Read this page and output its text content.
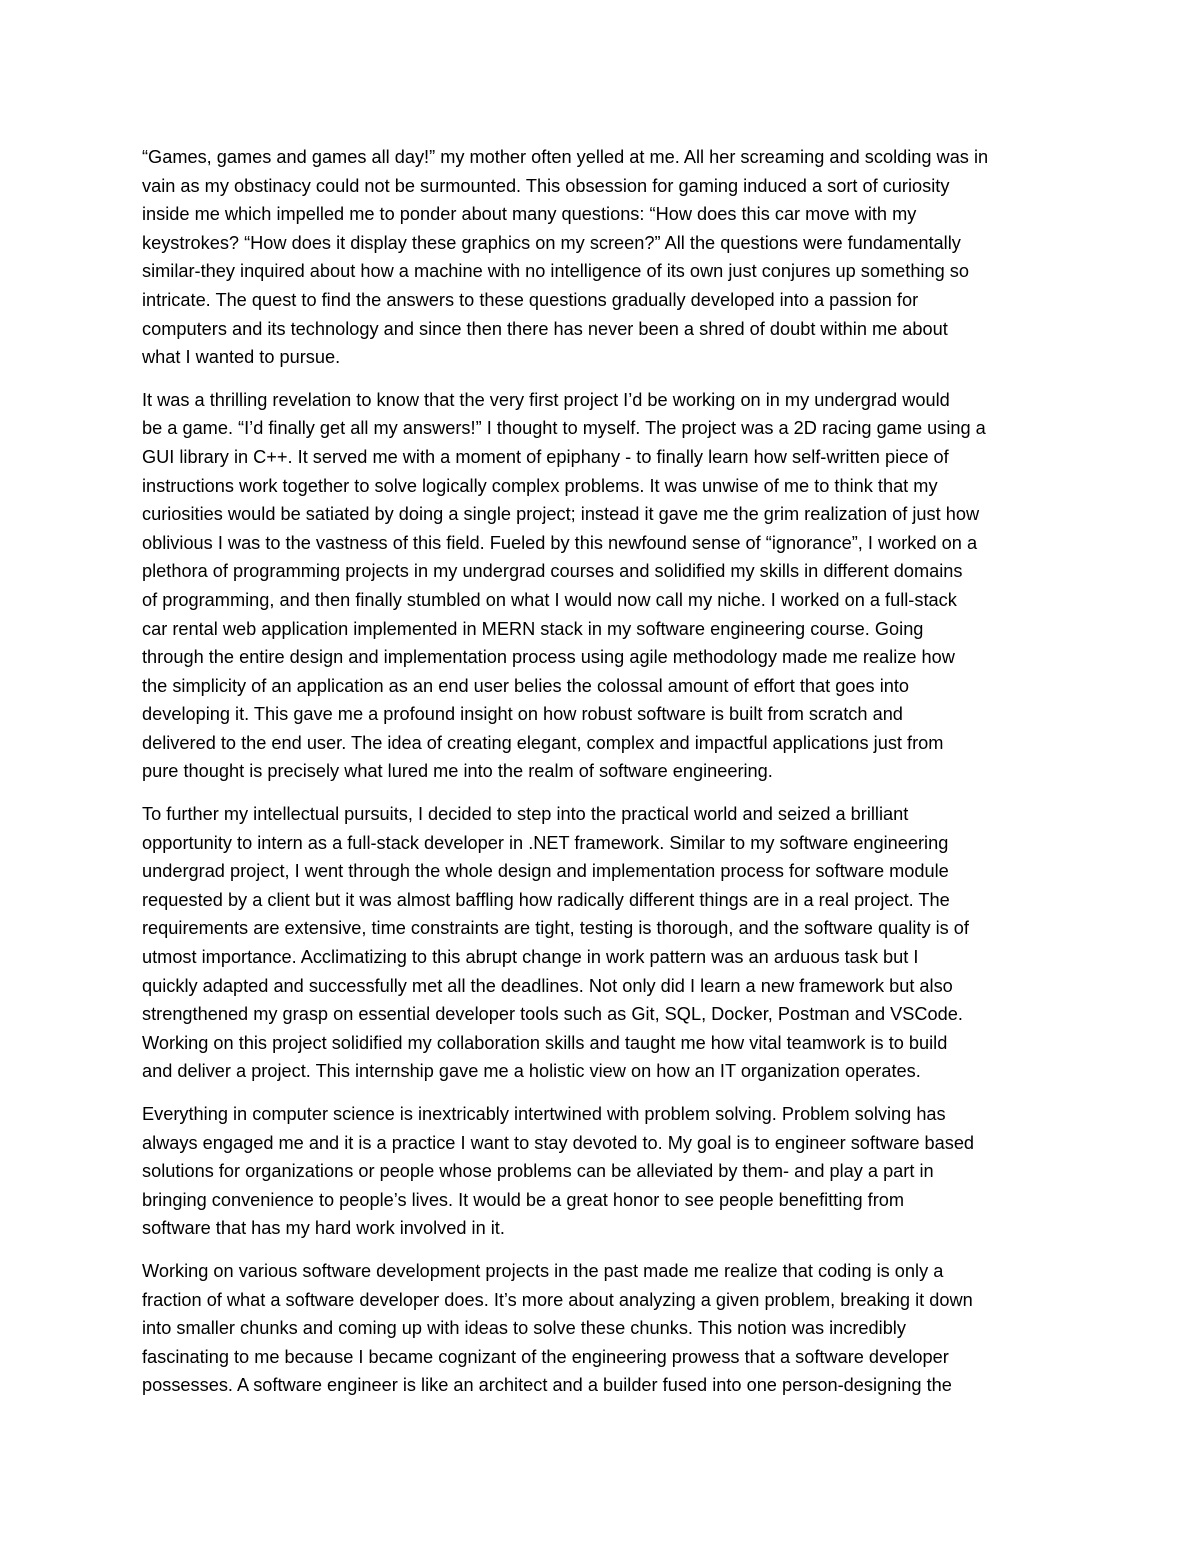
“Games, games and games all day!” my mother often yelled at me. All her screaming and scolding was in
vain as my obstinacy could not be surmounted. This obsession for gaming induced a sort of curiosity
inside me which impelled me to ponder about many questions: “How does this car move with my
keystrokes? “How does it display these graphics on my screen?” All the questions were fundamentally
similar-they inquired about how a machine with no intelligence of its own just conjures up something so
intricate. The quest to find the answers to these questions gradually developed into a passion for
computers and its technology and since then there has never been a shred of doubt within me about
what I wanted to pursue.

It was a thrilling revelation to know that the very first project I’d be working on in my undergrad would
be a game. “I’d finally get all my answers!” I thought to myself. The project was a 2D racing game using a
GUI library in C++. It served me with a moment of epiphany - to finally learn how self-written piece of
instructions work together to solve logically complex problems. It was unwise of me to think that my
curiosities would be satiated by doing a single project; instead it gave me the grim realization of just how
oblivious I was to the vastness of this field. Fueled by this newfound sense of “ignorance”, I worked on a
plethora of programming projects in my undergrad courses and solidified my skills in different domains
of programming, and then finally stumbled on what I would now call my niche. I worked on a full-stack
car rental web application implemented in MERN stack in my software engineering course. Going
through the entire design and implementation process using agile methodology made me realize how
the simplicity of an application as an end user belies the colossal amount of effort that goes into
developing it. This gave me a profound insight on how robust software is built from scratch and
delivered to the end user. The idea of creating elegant, complex and impactful applications just from
pure thought is precisely what lured me into the realm of software engineering.

To further my intellectual pursuits, I decided to step into the practical world and seized a brilliant
opportunity to intern as a full-stack developer in .NET framework. Similar to my software engineering
undergrad project, I went through the whole design and implementation process for software module
requested by a client but it was almost baffling how radically different things are in a real project. The
requirements are extensive, time constraints are tight, testing is thorough, and the software quality is of
utmost importance. Acclimatizing to this abrupt change in work pattern was an arduous task but I
quickly adapted and successfully met all the deadlines. Not only did I learn a new framework but also
strengthened my grasp on essential developer tools such as Git, SQL, Docker, Postman and VSCode.
Working on this project solidified my collaboration skills and taught me how vital teamwork is to build
and deliver a project. This internship gave me a holistic view on how an IT organization operates.

Everything in computer science is inextricably intertwined with problem solving. Problem solving has
always engaged me and it is a practice I want to stay devoted to. My goal is to engineer software based
solutions for organizations or people whose problems can be alleviated by them- and play a part in
bringing convenience to people’s lives. It would be a great honor to see people benefitting from
software that has my hard work involved in it.

Working on various software development projects in the past made me realize that coding is only a
fraction of what a software developer does. It’s more about analyzing a given problem, breaking it down
into smaller chunks and coming up with ideas to solve these chunks. This notion was incredibly
fascinating to me because I became cognizant of the engineering prowess that a software developer
possesses. A software engineer is like an architect and a builder fused into one person-designing the
